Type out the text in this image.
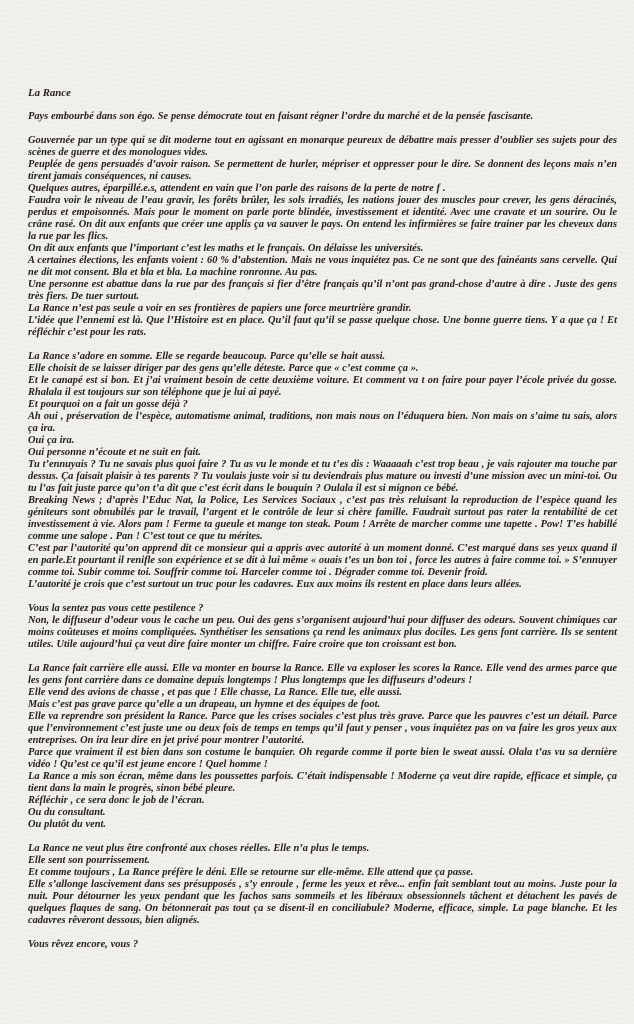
La Rance

Pays embourbé dans son égo. Se pense démocrate tout en faisant régner l’ordre du marché et de la pensée fascisante.

Gouvernée par un type qui se dit moderne tout en agissant en monarque peureux de débattre mais presser d’oublier ses sujets pour des scènes de guerre et des monologues vides.

Peuplée de gens persuadés d’avoir raison. Se permettent de hurler, mépriser et oppresser pour le dire. Se donnent des leçons mais n’en tirent jamais conséquences, ni causes.

Quelques autres, éparpillé.e.s, attendent en vain que l’on parle des raisons de la perte de notre f .

Faudra voir le niveau de l’eau gravir, les forêts brûler, les sols irradiés, les nations jouer des muscles pour crever, les gens déracinés, perdus et empoisonnés. Mais pour le moment on parle porte blindée, investissement et identité. Avec une cravate et un sourire. Ou le crâne rasé. On dit aux enfants que créer une applis ça va sauver le pays. On entend les infirmières se faire trainer par les cheveux dans la rue par les flics.

On dit aux enfants que l’important c’est les maths et le français. On délaisse les universités.

A certaines élections, les enfants voient : 60 % d’abstention. Mais ne vous inquiétez pas. Ce ne sont que des fainéants sans cervelle. Qui ne dit mot consent. Bla et bla et bla. La machine ronronne. Au pas.

Une personne est abattue dans la rue par des français si fier d’être français qu’il n’ont pas grand-chose d’autre à dire . Juste des gens très fiers. De tuer surtout.

La Rance n’est pas seule a voir en ses frontières de papiers une force meurtrière grandir.

L’idée que l’ennemi est là. Que l’Histoire est en place. Qu’il faut qu’il se passe quelque chose. Une bonne guerre tiens. Y a que ça ! Et réfléchir c’est pour les rats.

La Rance s’adore en somme. Elle se regarde beaucoup. Parce qu’elle se hait aussi.

Elle choisit de se laisser diriger par des gens qu’elle déteste. Parce que « c’est comme ça ».

Et le canapé est si bon. Et j’ai vraiment besoin de cette deuxième voiture. Et comment va t on faire pour payer l’école privée du gosse. Rhalala il est toujours sur son téléphone que je lui ai payé.

Et pourquoi on a fait un gosse déjà ?

Ah oui , préservation de l’espèce, automatisme animal, traditions, non mais nous on l’éduquera bien. Non mais on s’aime tu sais, alors ça ira.

Oui ça ira.

Oui personne n’écoute et ne suit en fait.

Tu t’ennuyais ? Tu ne savais plus quoi faire ? Tu as vu le monde et tu t’es dis : Waaaaah c’est trop beau , je vais rajouter ma touche par dessus. Ça faisait plaisir à tes parents ? Tu voulais juste voir si tu deviendrais plus mature ou investi d’une mission avec un mini-toi. Ou tu l’as fait juste parce qu’on t’a dit que c’est écrit dans le bouquin ? Oulala il est si mignon ce bébé.

Breaking News ; d’après l’Educ Nat, la Police, Les Services Sociaux , c’est pas très reluisant la reproduction de l’espèce quand les géniteurs sont obnubilés par le travail, l’argent et le contrôle de leur si chère famille. Faudrait surtout pas rater la rentabilité de cet investissement à vie. Alors pam ! Ferme ta gueule et mange ton steak. Poum ! Arrête de marcher comme une tapette . Pow! T’es habillé comme une salope . Pan ! C’est tout ce que tu mérites.

C’est par l’autorité qu’on apprend dit ce monsieur qui a appris avec autorité à un moment donné. C’est marqué dans ses yeux quand il en parle.Et pourtant il renifle son expérience et se dit à lui même « ouais t’es un bon toi , force les autres à faire comme toi. » S’ennuyer comme toi. Subir comme toi. Souffrir comme toi. Harceler comme toi . Dégrader comme toi. Devenir froid.

L’autorité je crois que c’est surtout un truc pour les cadavres. Eux aux moins ils restent en place dans leurs allées.

Vous la sentez pas vous cette pestilence ?

Non, le diffuseur d’odeur vous le cache un peu. Oui des gens s’organisent aujourd’hui pour diffuser des odeurs. Souvent chimiques car moins coûteuses et moins compliquées. Synthétiser les sensations ça rend les animaux plus dociles. Les gens font carrière. Ils se sentent utiles. Utile aujourd’hui ça veut dire faire monter un chiffre. Faire croire que ton croissant est bon.

La Rance fait carrière elle aussi. Elle va monter en bourse la Rance. Elle va exploser les scores la Rance. Elle vend des armes parce que les gens font carrière dans ce domaine depuis longtemps ! Plus longtemps que les diffuseurs d’odeurs !

Elle vend des avions de chasse , et pas que ! Elle chasse, La Rance. Elle tue, elle aussi.

Mais c’est pas grave parce qu’elle a un drapeau, un hymne et des équipes de foot.

Elle va reprendre son président la Rance. Parce que les crises sociales c’est plus très grave. Parce que les pauvres c’est un détail. Parce que l’environnement c’est juste une ou deux fois de temps en temps qu’il faut y penser , vous inquiétez pas on va faire les gros yeux aux entreprises. On ira leur dire en jet privé pour montrer l’autorité.

Parce que vraiment il est bien dans son costume le banquier. Oh regarde comme il porte bien le sweat aussi. Olala t’as vu sa dernière vidéo ! Qu’est ce qu’il est jeune encore ! Quel homme !

La Rance a mis son écran, même dans les poussettes parfois. C’était indispensable ! Moderne ça veut dire rapide, efficace et simple, ça tient dans la main le progrès, sinon bébé pleure.

Réfléchir , ce sera donc le job de l’écran.

Ou du consultant.

Ou plutôt du vent.

La Rance ne veut plus être confronté aux choses réelles. Elle n’a plus le temps.

Elle sent son pourrissement.

Et comme toujours , La Rance préfère le déni. Elle se retourne sur elle-même. Elle attend que ça passe.

Elle s’allonge lascivement dans ses présupposés , s’y enroule , ferme les yeux et rêve... enfin fait semblant tout au moins. Juste pour la nuit. Pour détourner les yeux pendant que les fachos sans sommeils et les libéraux obsessionnels tâchent et détachent les pavés de quelques flaques de sang. On bétonnerait pas tout ça se disent-il en conciliabule? Moderne, efficace, simple. La page blanche. Et les cadavres rêveront dessous, bien alignés.

Vous rêvez encore, vous ?
